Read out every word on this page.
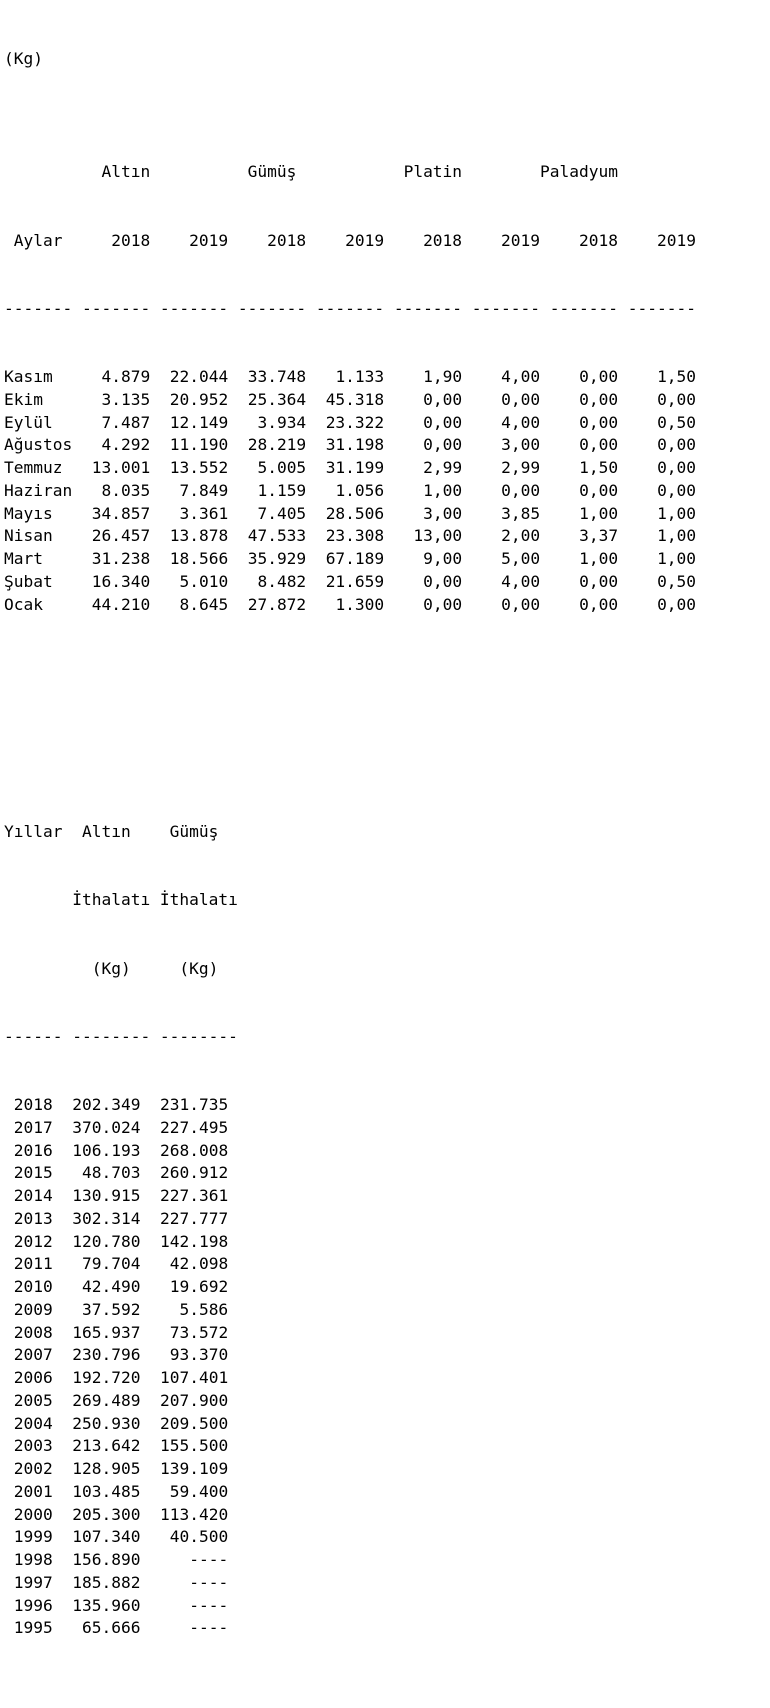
(Kg)

Altın          Gümüş           Platin        Paladyum

Aylar     2018    2019    2018    2019    2018    2019    2018    2019

------- ------- ------- ------- ------- ------- ------- ------- -------

Kasım	4.879 22.044 33.748 1.133 1,90 4,00 0,00 1,50
Ekim	3.135 20.952 25.364 45.318 0,00 0,00 0,00 0,00
Eylül	7.487 12.149 3.934 23.322 0,00 4,00 0,00 0,50
Ağustos 4.292 11.190 28.219 31.198 0,00 3,00 0,00 0,00
Temmuz 13.001 13.552 5.005 31.199 2,99 2,99 1,50 0,00
Haziran 8.035 7.849 1.159 1.056 1,00 0,00 0,00 0,00
Mayıs 34.857 3.361 7.405 28.506 3,00 3,85 1,00 1,00
Nisan 26.457 13.878 47.533 23.308 13,00 2,00 3,37 1,00
Mart	31.238 18.566 35.929 67.189 9,00 5,00 1,00 1,00
Şubat 16.340 5.010 8.482 21.659 0,00 4,00 0,00 0,50
Ocak	44.210 8.645 27.872 1.300 0,00 0,00 0,00 0,00

Yıllar  Altın    Gümüş

İthalatı İthalatı

(Kg)     (Kg)

------ -------- --------

2018 202.349 231.735
2017 370.024 227.495
2016 106.193 268.008
2015 48.703 260.912
2014 130.915 227.361
2013 302.314 227.777
2012 120.780 142.198
2011 79.704 42.098
2010 42.490 19.692
2009 37.592 5.586
2008 165.937 73.572
2007 230.796 93.370
2006 192.720 107.401
2005 269.489 207.900
2004 250.930 209.500
2003 213.642 155.500
2002 128.905 139.109
2001 103.485 59.400
2000 205.300 113.420
1999 107.340 40.500
1998 156.890	----
1997 185.882	----
1996 135.960	----
1995 65.666	----
